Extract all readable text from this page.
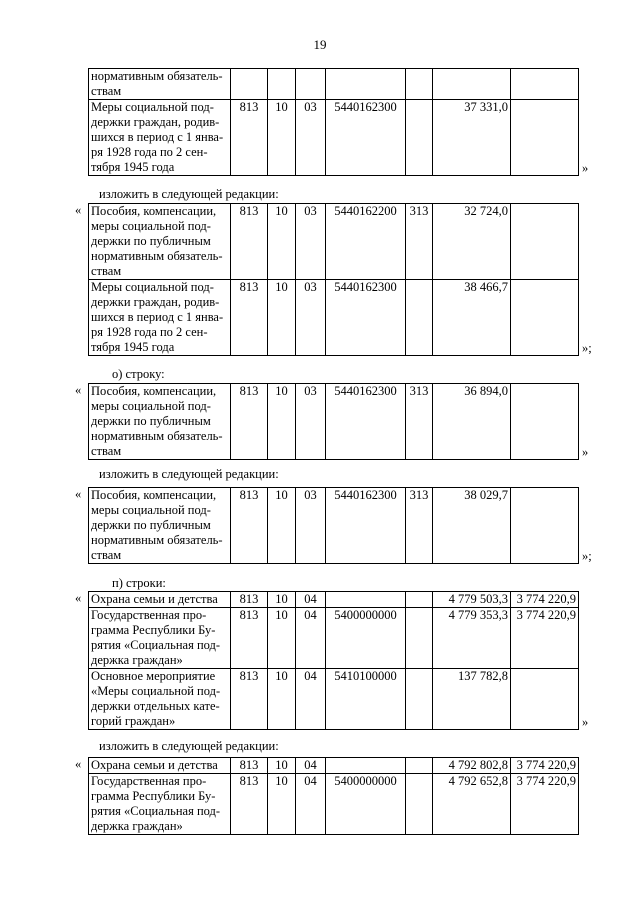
19
нормативным обязатель-
ствам							
Меры социальной под-
держки граждан, родив-
шихся в период с 1 янва-
ря 1928 года по 2 сен-
тября 1945 года	813	10	03	5440162300		37 331,0	
»
изложить в следующей редакции:
« Пособия, компенсации,
меры социальной под-
держки по публичным
нормативным обязатель-
ствам	813	10	03	5440162200	313	32 724,0	
Меры социальной под-
держки граждан, родив-
шихся в период с 1 янва-
ря 1928 года по 2 сен-
тября 1945 года	813	10	03	5440162300		38 466,7	
»;
о) строку:
« Пособия, компенсации,
меры социальной под-
держки по публичным
нормативным обязатель-
ствам	813	10	03	5440162300	313	36 894,0	
»
изложить в следующей редакции:
« Пособия, компенсации,
меры социальной под-
держки по публичным
нормативным обязатель-
ствам	813	10	03	5440162300	313	38 029,7	
»;
п) строки:
« Охрана семьи и детства	813	10	04			4 779 503,3	3 774 220,9
Государственная про-
грамма Республики Бу-
рятия «Социальная под-
держка граждан»	813	10	04	5400000000		4 779 353,3	3 774 220,9
Основное мероприятие
«Меры социальной под-
держки отдельных кате-
горий граждан»	813	10	04	5410100000		137 782,8	
»
изложить в следующей редакции:
« Охрана семьи и детства	813	10	04			4 792 802,8	3 774 220,9
Государственная про-
грамма Республики Бу-
рятия «Социальная под-
держка граждан»	813	10	04	5400000000		4 792 652,8	3 774 220,9
